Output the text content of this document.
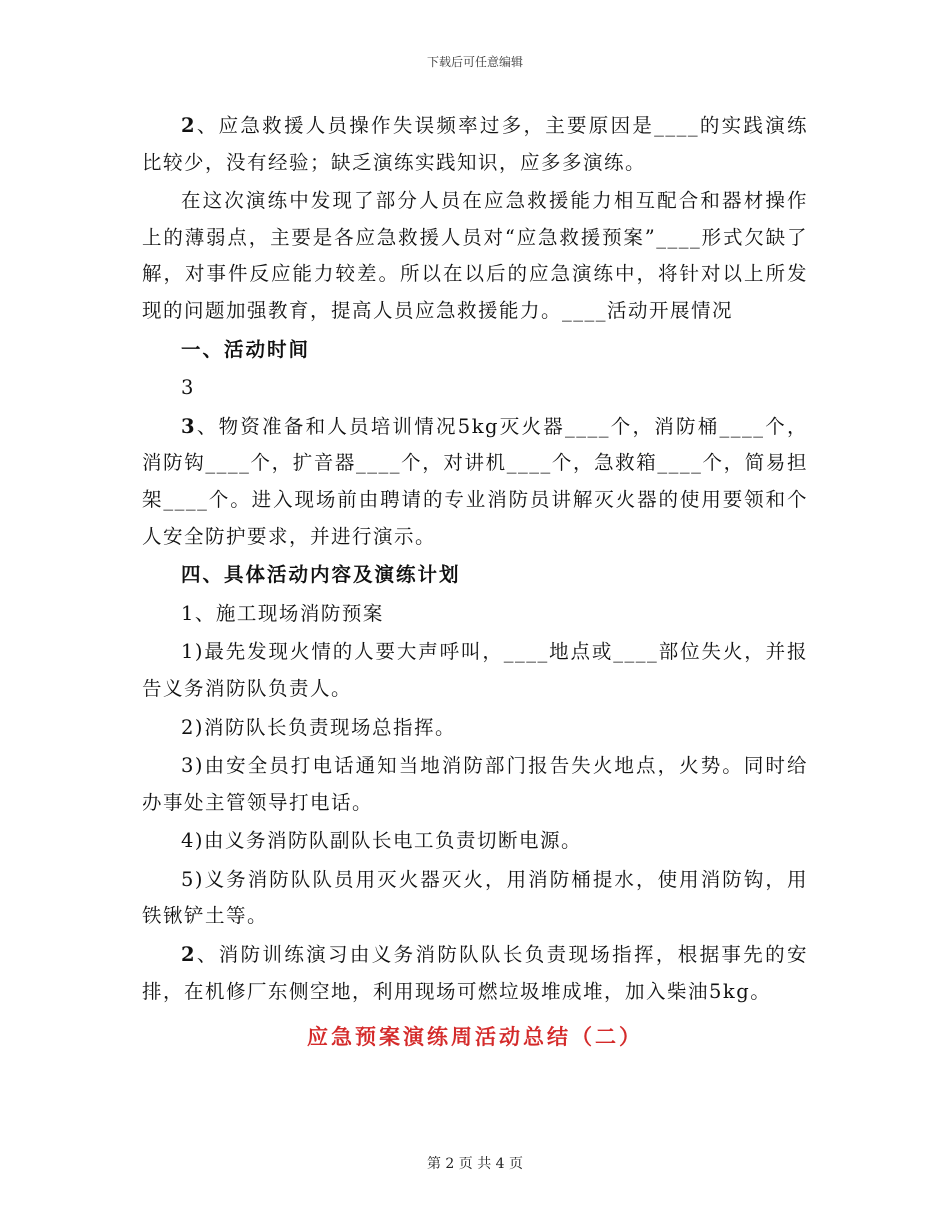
下载后可任意编辑

2、应急救援人员操作失误频率过多，主要原因是____的实践演练比较少，没有经验；缺乏演练实践知识，应多多演练。

在这次演练中发现了部分人员在应急救援能力相互配合和器材操作上的薄弱点，主要是各应急救援人员对“应急救援预案”____形式欠缺了解，对事件反应能力较差。所以在以后的应急演练中，将针对以上所发现的问题加强教育，提高人员应急救援能力。____活动开展情况

一、活动时间

3

3、物资准备和人员培训情况5kg灭火器____个，消防桶____个，消防钩____个，扩音器____个，对讲机____个，急救箱____个，简易担架____个。进入现场前由聘请的专业消防员讲解灭火器的使用要领和个人安全防护要求，并进行演示。

四、具体活动内容及演练计划

1、施工现场消防预案

1)最先发现火情的人要大声呼叫，____地点或____部位失火，并报告义务消防队负责人。

2)消防队长负责现场总指挥。

3)由安全员打电话通知当地消防部门报告失火地点，火势。同时给办事处主管领导打电话。

4)由义务消防队副队长电工负责切断电源。

5)义务消防队队员用灭火器灭火，用消防桶提水，使用消防钩，用铁锹铲土等。

2、消防训练演习由义务消防队队长负责现场指挥，根据事先的安排，在机修厂东侧空地，利用现场可燃垃圾堆成堆，加入柴油5kg。

应急预案演练周活动总结（二）
第 2 页 共 4 页
